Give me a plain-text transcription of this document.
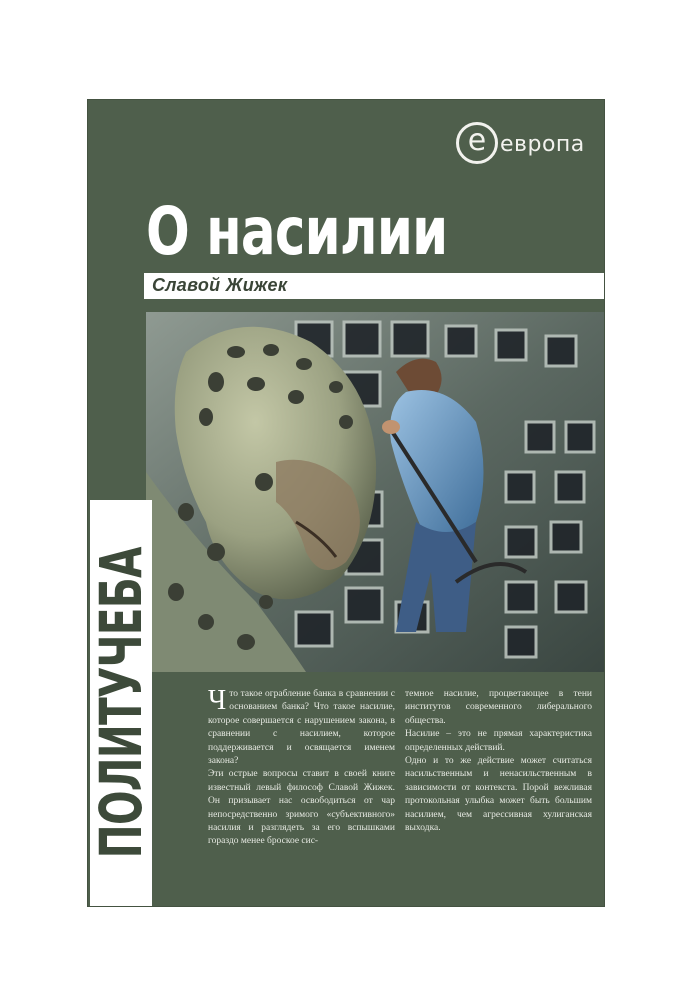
e европа
О насилии
Славой Жижек
ПОЛИТУЧЕБА Что такое ограбление банка в сравнении с основанием банка? Что такое насилие, которое совершается с нарушением закона, в сравнении с насилием, которое поддерживается и освящается именем закона?

Эти острые вопросы ставит в своей книге известный левый философ Славой Жижек. Он призывает нас освободиться от чар непосредственно зримого «субъективного» насилия и разглядеть за его вспышками гораздо менее броское сис-

темное насилие, процветающее в тени институтов современного либерального общества.

Насилие – это не прямая характеристика определенных действий.

Одно и то же действие может считаться насильственным и ненасильственным в зависимости от контекста. Порой вежливая протокольная улыбка может быть большим насилием, чем агрессивная хулиганская выходка.
